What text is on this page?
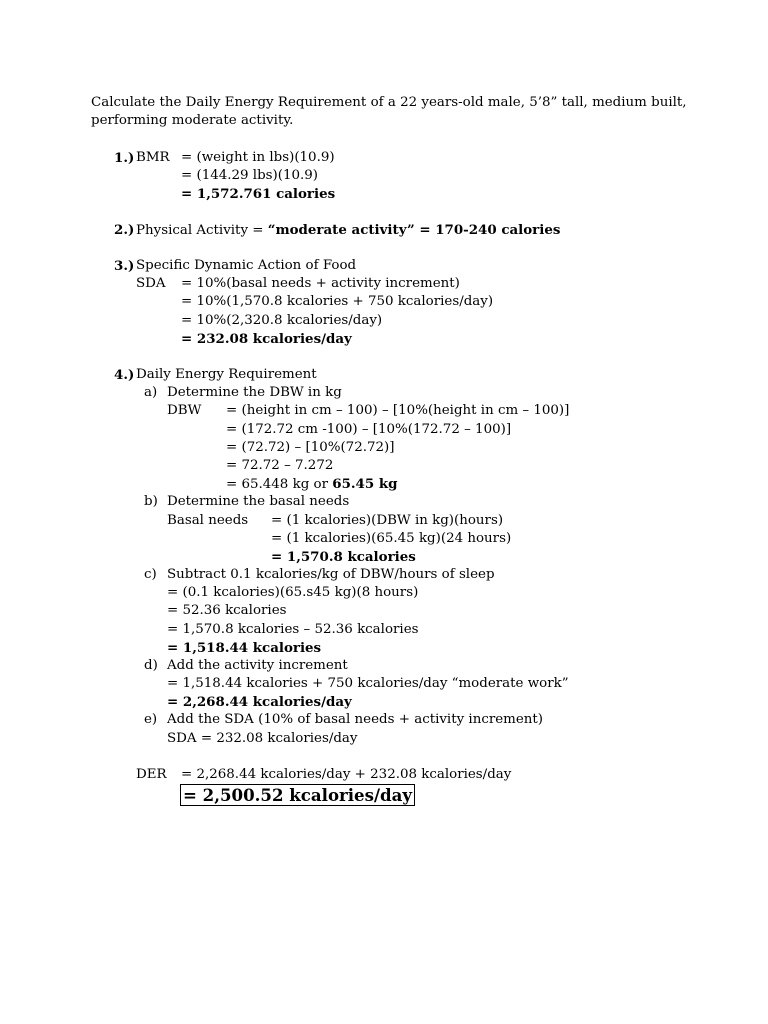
Calculate the Daily Energy Requirement of a 22 years-old male, 5’8” tall, medium built,
performing moderate activity.
1.) BMR = (weight in lbs)(10.9)
= (144.29 lbs)(10.9)
= 1,572.761 calories
2.) Physical Activity = “moderate activity” = 170-240 calories
3.) Specific Dynamic Action of Food
SDA = 10%(basal needs + activity increment)
= 10%(1,570.8 kcalories + 750 kcalories/day)
= 10%(2,320.8 kcalories/day)
= 232.08 kcalories/day
4.) Daily Energy Requirement
a) Determine the DBW in kg
DBW = (height in cm – 100) – [10%(height in cm – 100)]
= (172.72 cm -100) – [10%(172.72 – 100)]
= (72.72) – [10%(72.72)]
= 72.72 – 7.272
= 65.448 kg or 65.45 kg
b) Determine the basal needs
Basal needs = (1 kcalories)(DBW in kg)(hours)
= (1 kcalories)(65.45 kg)(24 hours)
= 1,570.8 kcalories
c) Subtract 0.1 kcalories/kg of DBW/hours of sleep
= (0.1 kcalories)(65.s45 kg)(8 hours)
= 52.36 kcalories
= 1,570.8 kcalories – 52.36 kcalories
= 1,518.44 kcalories
d) Add the activity increment
= 1,518.44 kcalories + 750 kcalories/day “moderate work”
= 2,268.44 kcalories/day
e) Add the SDA (10% of basal needs + activity increment)
SDA = 232.08 kcalories/day
DER = 2,268.44 kcalories/day + 232.08 kcalories/day
= 2,500.52 kcalories/day
